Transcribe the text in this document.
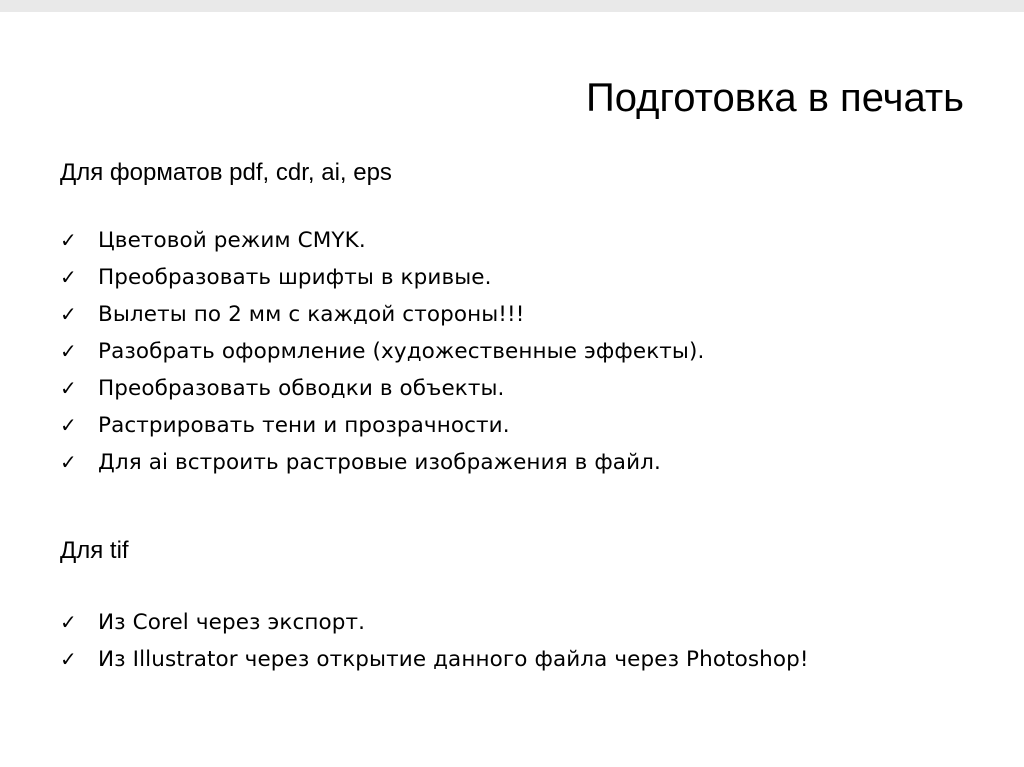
Подготовка в печать
Для форматов pdf, cdr, ai, eps
✓ Цветовой режим CMYK.
✓ Преобразовать шрифты в кривые.
✓ Вылеты по 2 мм с каждой стороны!!!
✓ Разобрать оформление (художественные эффекты).
✓ Преобразовать обводки в объекты.
✓ Растрировать тени и прозрачности.
✓ Для ai встроить растровые изображения в файл.
Для tif
✓ Из Corel через экспорт.
✓ Из Illustrator через открытие данного файла через Photoshop!
